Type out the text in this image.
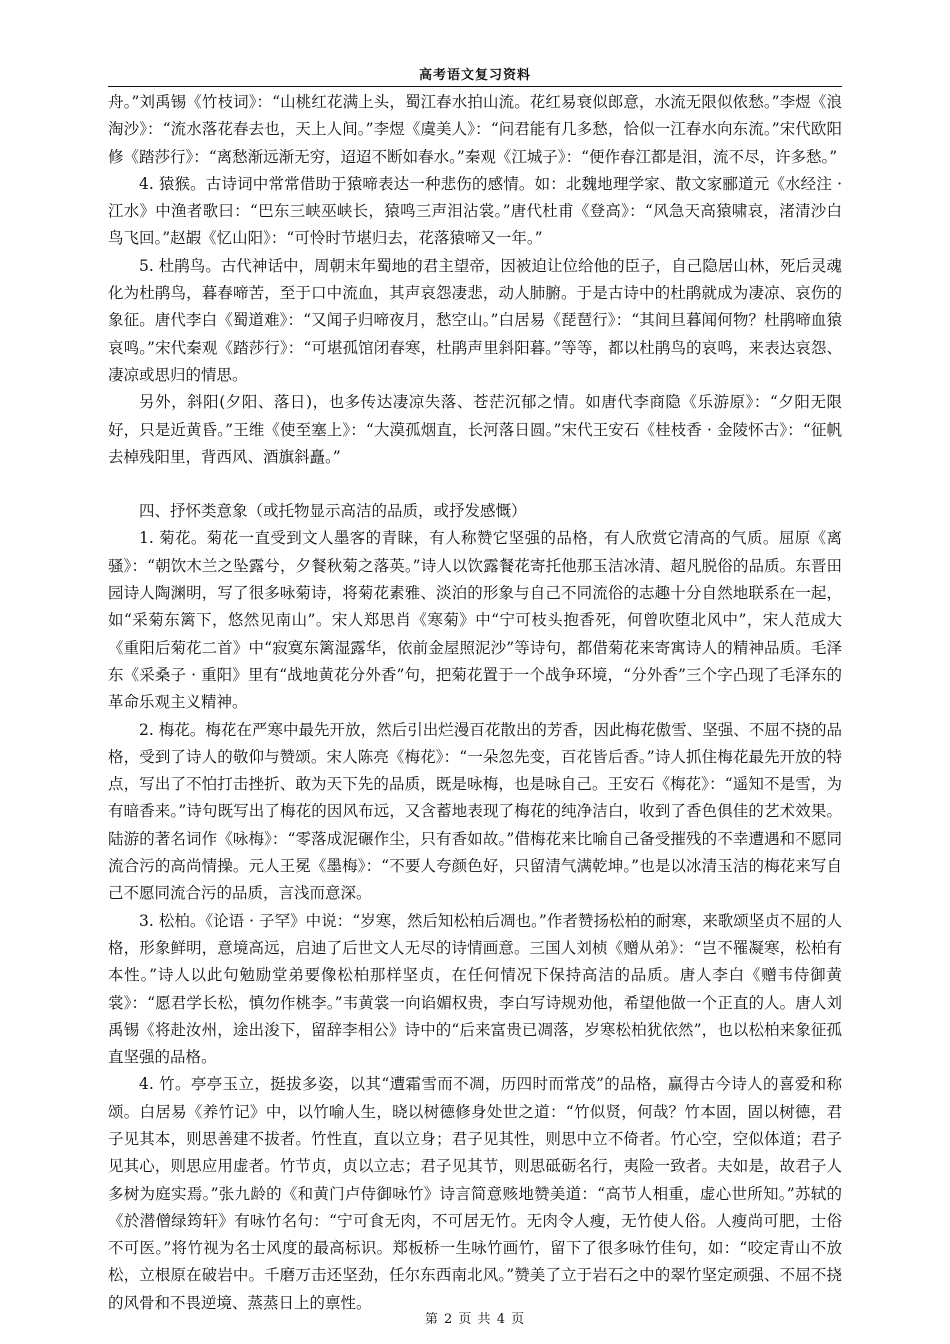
高考语文复习资料

舟。”刘禹锡《竹枝词》：“山桃红花满上头，蜀江春水拍山流。花红易衰似郎意，水流无限似侬愁。”李煜《浪淘沙》：“流水落花春去也，天上人间。”李煜《虞美人》：“问君能有几多愁，恰似一江春水向东流。”宋代欧阳修《踏莎行》：“离愁渐远渐无穷，迢迢不断如春水。”秦观《江城子》：“便作春江都是泪，流不尽，许多愁。”

4. 猿猴。古诗词中常常借助于猿啼表达一种悲伤的感情。如：北魏地理学家、散文家郦道元《水经注 · 江水》中渔者歌曰：“巴东三峡巫峡长，猿鸣三声泪沾裳。”唐代杜甫《登高》：“风急天高猿啸哀，渚清沙白鸟飞回。”赵嘏《忆山阳》：“可怜时节堪归去，花落猿啼又一年。”

5. 杜鹃鸟。古代神话中，周朝末年蜀地的君主望帝，因被迫让位给他的臣子，自己隐居山林，死后灵魂化为杜鹃鸟，暮春啼苦，至于口中流血，其声哀怨凄悲，动人肺腑。于是古诗中的杜鹃就成为凄凉、哀伤的象征。唐代李白《蜀道难》：“又闻子归啼夜月，愁空山。”白居易《琵琶行》：“其间旦暮闻何物？杜鹃啼血猿哀鸣。”宋代秦观《踏莎行》：“可堪孤馆闭春寒，杜鹃声里斜阳暮。”等等，都以杜鹃鸟的哀鸣，来表达哀怨、凄凉或思归的情思。

另外，斜阳(夕阳、落日)，也多传达凄凉失落、苍茫沉郁之情。如唐代李商隐《乐游原》：“夕阳无限好，只是近黄昏。”王维《使至塞上》：“大漠孤烟直，长河落日圆。”宋代王安石《桂枝香 · 金陵怀古》：“征帆去棹残阳里，背西风、酒旗斜矗。”

四、抒怀类意象（或托物显示高洁的品质，或抒发感慨）

1. 菊花。菊花一直受到文人墨客的青睐，有人称赞它坚强的品格，有人欣赏它清高的气质。屈原《离骚》：“朝饮木兰之坠露兮，夕餐秋菊之落英。”诗人以饮露餐花寄托他那玉洁冰清、超凡脱俗的品质。东晋田园诗人陶渊明，写了很多咏菊诗，将菊花素雅、淡泊的形象与自己不同流俗的志趣十分自然地联系在一起，如“采菊东篱下，悠然见南山”。宋人郑思肖《寒菊》中“宁可枝头抱香死，何曾吹堕北风中”，宋人范成大《重阳后菊花二首》中“寂寞东篱湿露华，依前金屋照泥沙”等诗句，都借菊花来寄寓诗人的精神品质。毛泽东《采桑子 · 重阳》里有“战地黄花分外香”句，把菊花置于一个战争环境，“分外香”三个字凸现了毛泽东的革命乐观主义精神。

2. 梅花。梅花在严寒中最先开放，然后引出烂漫百花散出的芳香，因此梅花傲雪、坚强、不屈不挠的品格，受到了诗人的敬仰与赞颂。宋人陈亮《梅花》：“一朵忽先变，百花皆后香。”诗人抓住梅花最先开放的特点，写出了不怕打击挫折、敢为天下先的品质，既是咏梅，也是咏自己。王安石《梅花》：“遥知不是雪，为有暗香来。”诗句既写出了梅花的因风布远，又含蓄地表现了梅花的纯净洁白，收到了香色俱佳的艺术效果。陆游的著名词作《咏梅》：“零落成泥碾作尘，只有香如故。”借梅花来比喻自己备受摧残的不幸遭遇和不愿同流合污的高尚情操。元人王冕《墨梅》：“不要人夸颜色好，只留清气满乾坤。”也是以冰清玉洁的梅花来写自己不愿同流合污的品质，言浅而意深。

3. 松柏。《论语 · 子罕》中说：“岁寒，然后知松柏后凋也。”作者赞扬松柏的耐寒，来歌颂坚贞不屈的人格，形象鲜明，意境高远，启迪了后世文人无尽的诗情画意。三国人刘桢《赠从弟》：“岂不罹凝寒，松柏有本性。”诗人以此句勉励堂弟要像松柏那样坚贞，在任何情况下保持高洁的品质。唐人李白《赠韦侍御黄裳》：“愿君学长松，慎勿作桃李。”韦黄裳一向谄媚权贵，李白写诗规劝他，希望他做一个正直的人。唐人刘禹锡《将赴汝州，途出浚下，留辞李相公》诗中的“后来富贵已凋落，岁寒松柏犹依然”，也以松柏来象征孤直坚强的品格。

4. 竹。亭亭玉立，挺拔多姿，以其“遭霜雪而不凋，历四时而常茂”的品格，赢得古今诗人的喜爱和称颂。白居易《养竹记》中，以竹喻人生，晓以树德修身处世之道：“竹似贤，何哉？竹本固，固以树德，君子见其本，则思善建不拔者。竹性直，直以立身；君子见其性，则思中立不倚者。竹心空，空似体道；君子见其心，则思应用虚者。竹节贞，贞以立志；君子见其节，则思砥砺名行，夷险一致者。夫如是，故君子人多树为庭实焉。”张九龄的《和黄门卢侍御咏竹》诗言简意赅地赞美道：“高节人相重，虚心世所知。”苏轼的《於潜僧绿筠轩》有咏竹名句：“宁可食无肉，不可居无竹。无肉令人瘦，无竹使人俗。人瘦尚可肥，士俗不可医。”将竹视为名士风度的最高标识。郑板桥一生咏竹画竹，留下了很多咏竹佳句，如：“咬定青山不放松，立根原在破岩中。千磨万击还坚劲，任尔东西南北风。”赞美了立于岩石之中的翠竹坚定顽强、不屈不挠的风骨和不畏逆境、蒸蒸日上的禀性。

第 2 页 共 4 页
